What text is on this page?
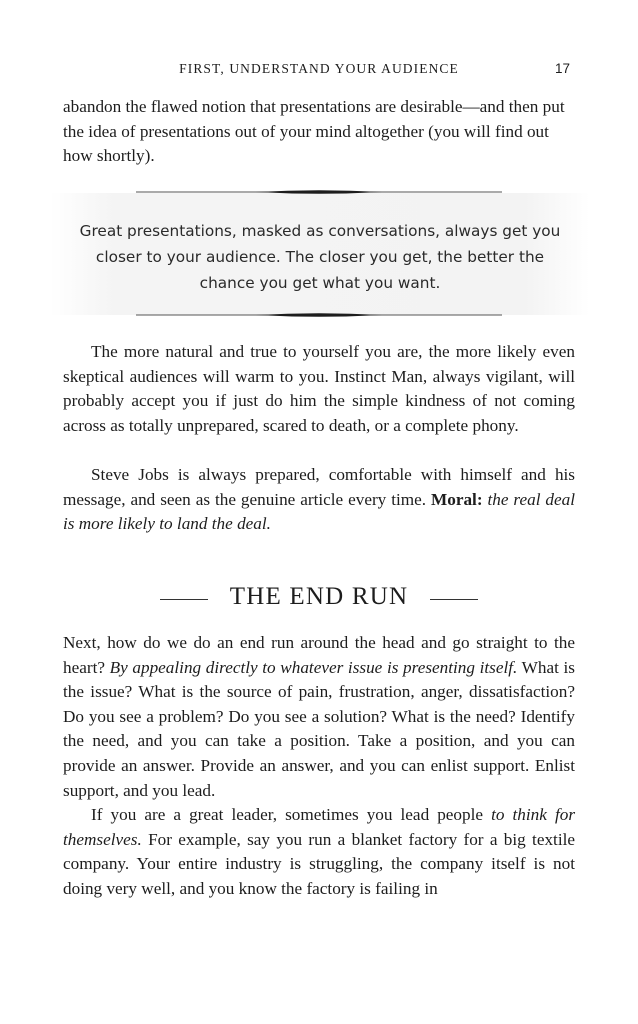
FIRST, UNDERSTAND YOUR AUDIENCE	17

abandon the flawed notion that presentations are desirable—and then put the idea of presentations out of your mind altogether (you will find out how shortly).

Great presentations, masked as conversations, always get you closer to your audience. The closer you get, the better the chance you get what you want.

The more natural and true to yourself you are, the more likely even skeptical audiences will warm to you. Instinct Man, always vigilant, will probably accept you if just do him the simple kindness of not coming across as totally unprepared, scared to death, or a complete phony.

Steve Jobs is always prepared, comfortable with himself and his message, and seen as the genuine article every time. Moral: the real deal is more likely to land the deal.

THE END RUN

Next, how do we do an end run around the head and go straight to the heart? By appealing directly to whatever issue is presenting itself. What is the issue? What is the source of pain, frustration, anger, dissatisfaction? Do you see a problem? Do you see a solution? What is the need? Identify the need, and you can take a position. Take a position, and you can provide an answer. Provide an answer, and you can enlist support. Enlist support, and you lead.

If you are a great leader, sometimes you lead people to think for themselves. For example, say you run a blanket factory for a big textile company. Your entire industry is struggling, the company itself is not doing very well, and you know the factory is failing in
